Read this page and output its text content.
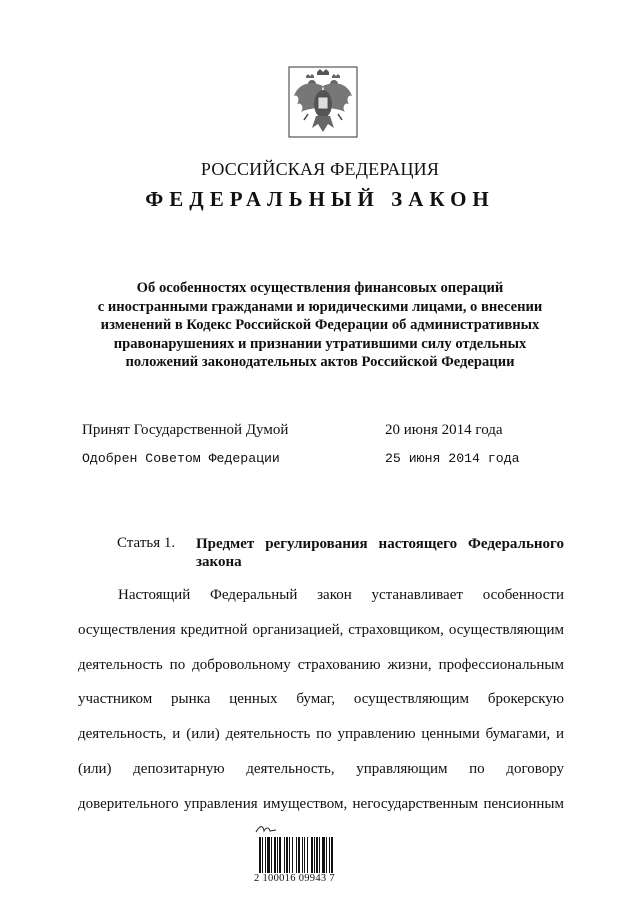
РОССИЙСКАЯ ФЕДЕРАЦИЯ
ФЕДЕРАЛЬНЫЙ ЗАКОН
Об особенностях осуществления финансовых операций
с иностранными гражданами и юридическими лицами, о внесении
изменений в Кодекс Российской Федерации об административных
правонарушениях и признании утратившими силу отдельных
положений законодательных актов Российской Федерации
Принят Государственной Думой	20 июня 2014 года
Одобрен Советом Федерации	25 июня 2014 года
Статья 1. Предмет регулирования настоящего Федерального
закона
Настоящий Федеральный закон устанавливает особенности
осуществления кредитной организацией, страховщиком, осуществляющим
деятельность по добровольному страхованию жизни, профессиональным
участником рынка ценных бумаг, осуществляющим брокерскую
деятельность, и (или) деятельность по управлению ценными бумагами, и
(или) депозитарную деятельность, управляющим по договору
доверительного управления имуществом, негосударственным пенсионным
2 100016 09943 7
